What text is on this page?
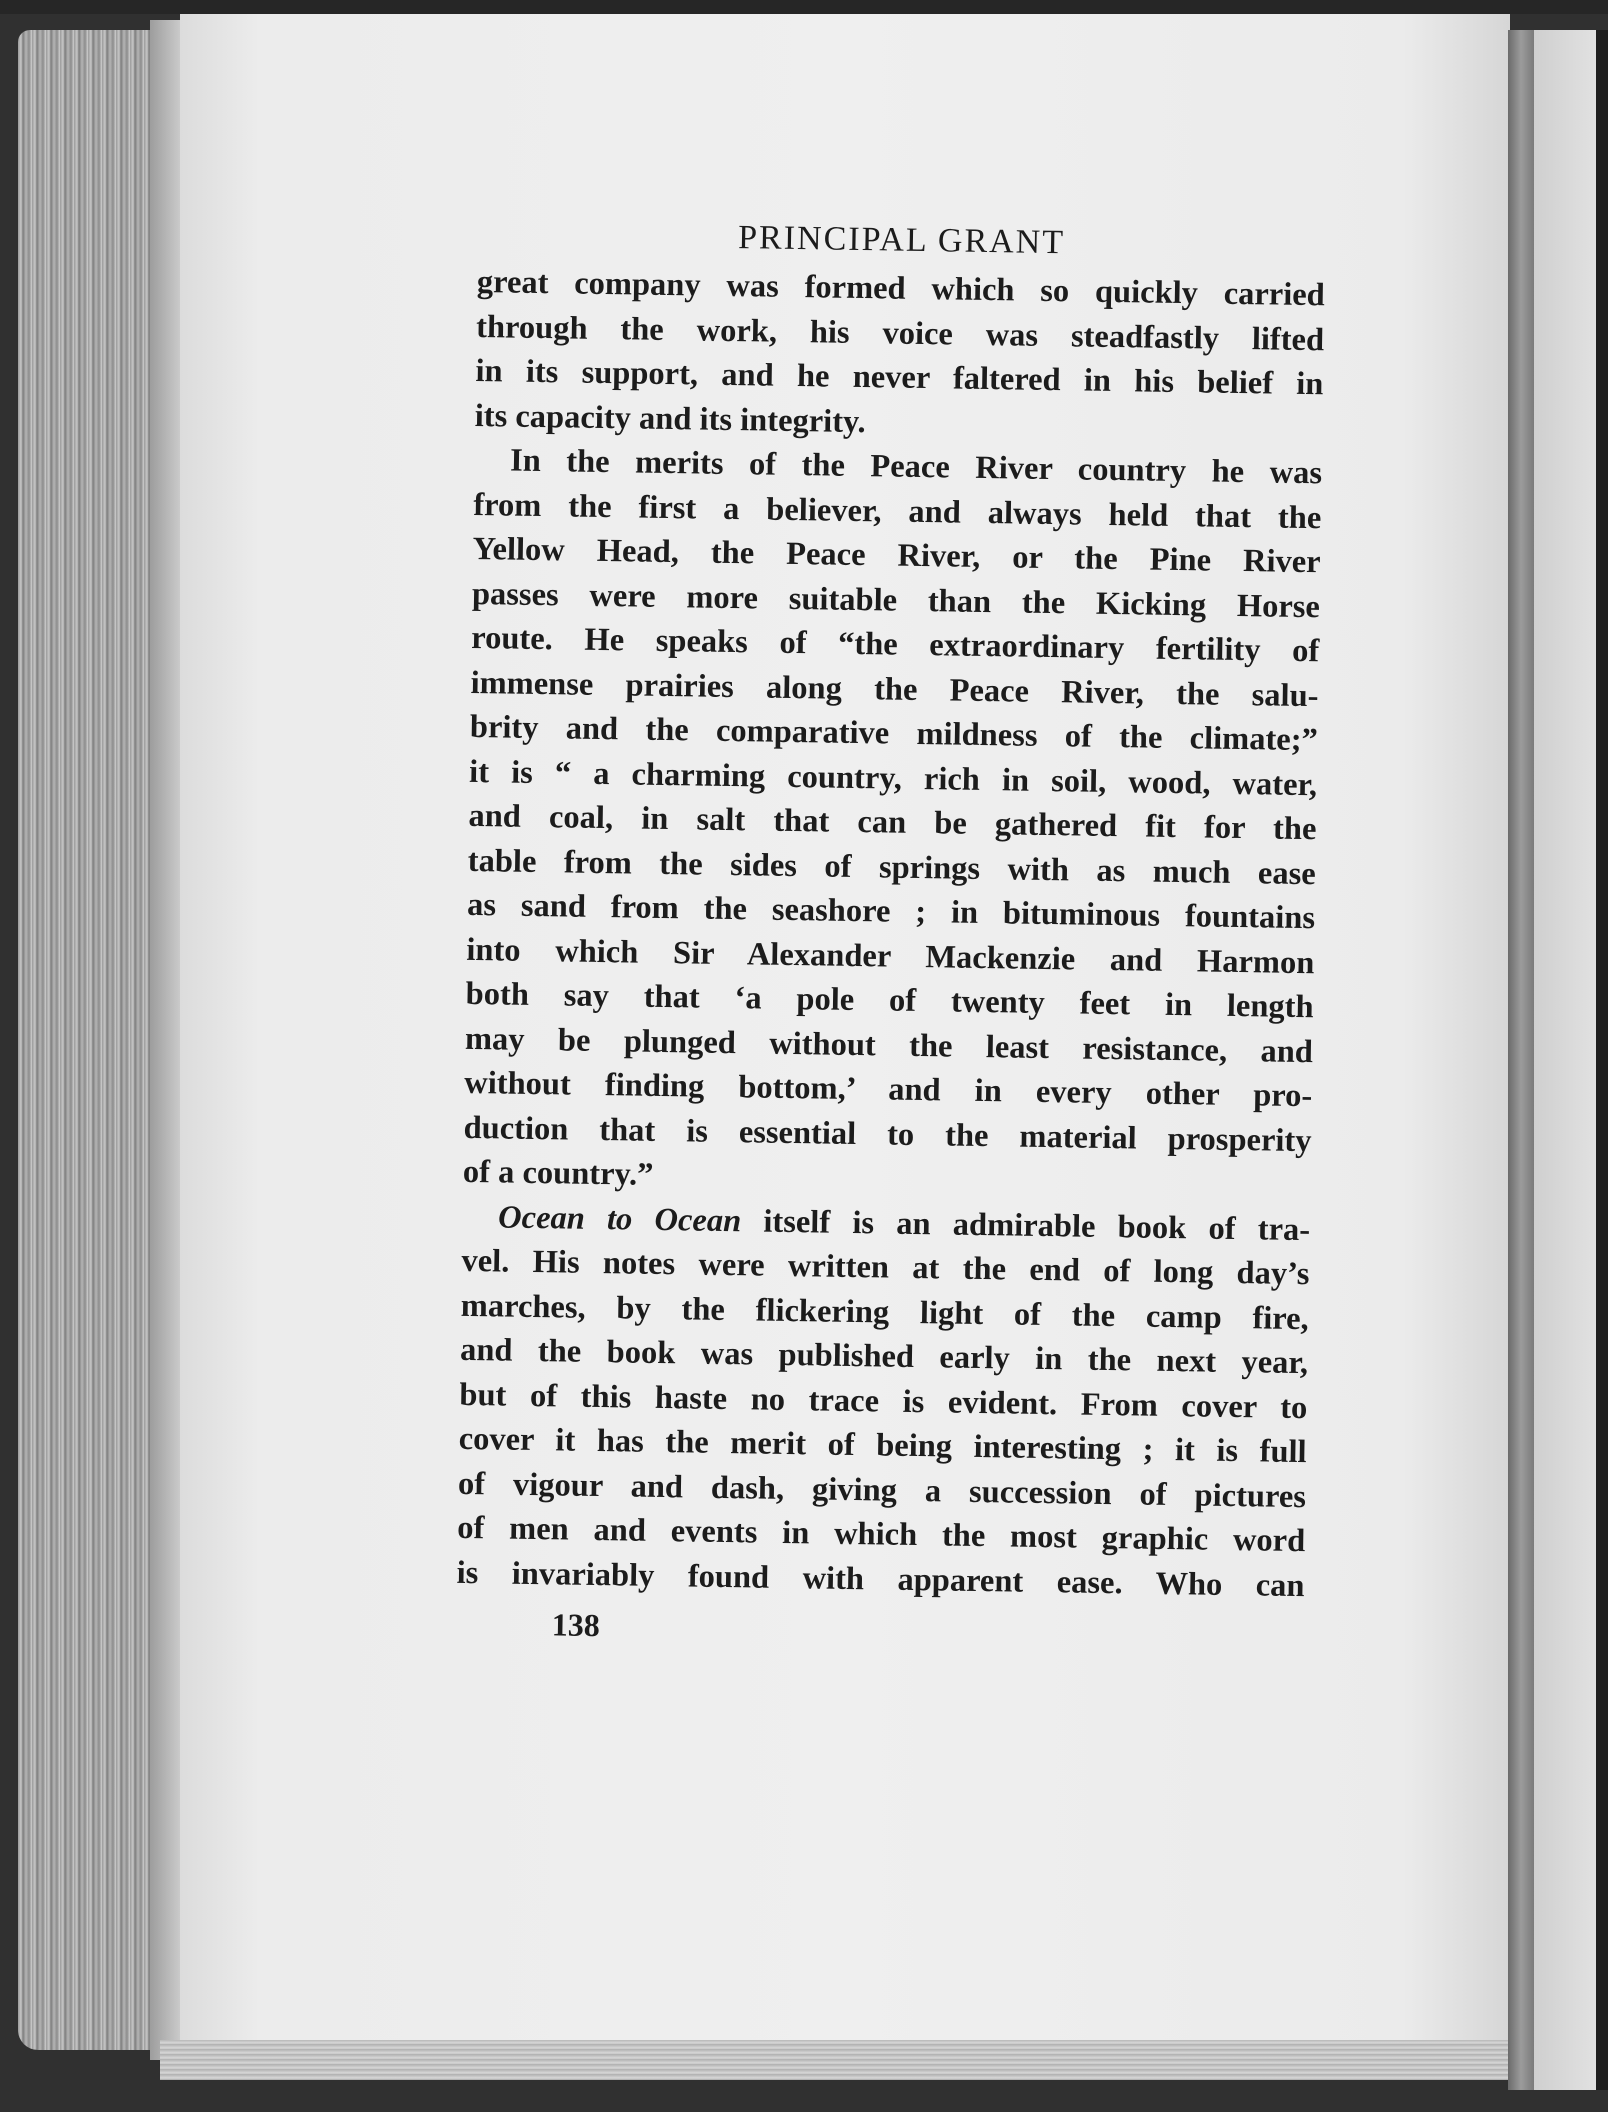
PRINCIPAL GRANT
great company was formed which so quickly carried
through the work, his voice was steadfastly lifted
in its support, and he never faltered in his belief in
its capacity and its integrity.
In the merits of the Peace River country he was
from the first a believer, and always held that the
Yellow Head, the Peace River, or the Pine River
passes were more suitable than the Kicking Horse
route. He speaks of “the extraordinary fertility of
immense prairies along the Peace River, the salu-
brity and the comparative mildness of the climate;”
it is “ a charming country, rich in soil, wood, water,
and coal, in salt that can be gathered fit for the
table from the sides of springs with as much ease
as sand from the seashore ; in bituminous fountains
into which Sir Alexander Mackenzie and Harmon
both say that ‘a pole of twenty feet in length
may be plunged without the least resistance, and
without finding bottom,’ and in every other pro-
duction that is essential to the material prosperity
of a country.”
Ocean to Ocean itself is an admirable book of tra-
vel. His notes were written at the end of long day’s
marches, by the flickering light of the camp fire,
and the book was published early in the next year,
but of this haste no trace is evident. From cover to
cover it has the merit of being interesting ; it is full
of vigour and dash, giving a succession of pictures
of men and events in which the most graphic word
is invariably found with apparent ease. Who can
138
